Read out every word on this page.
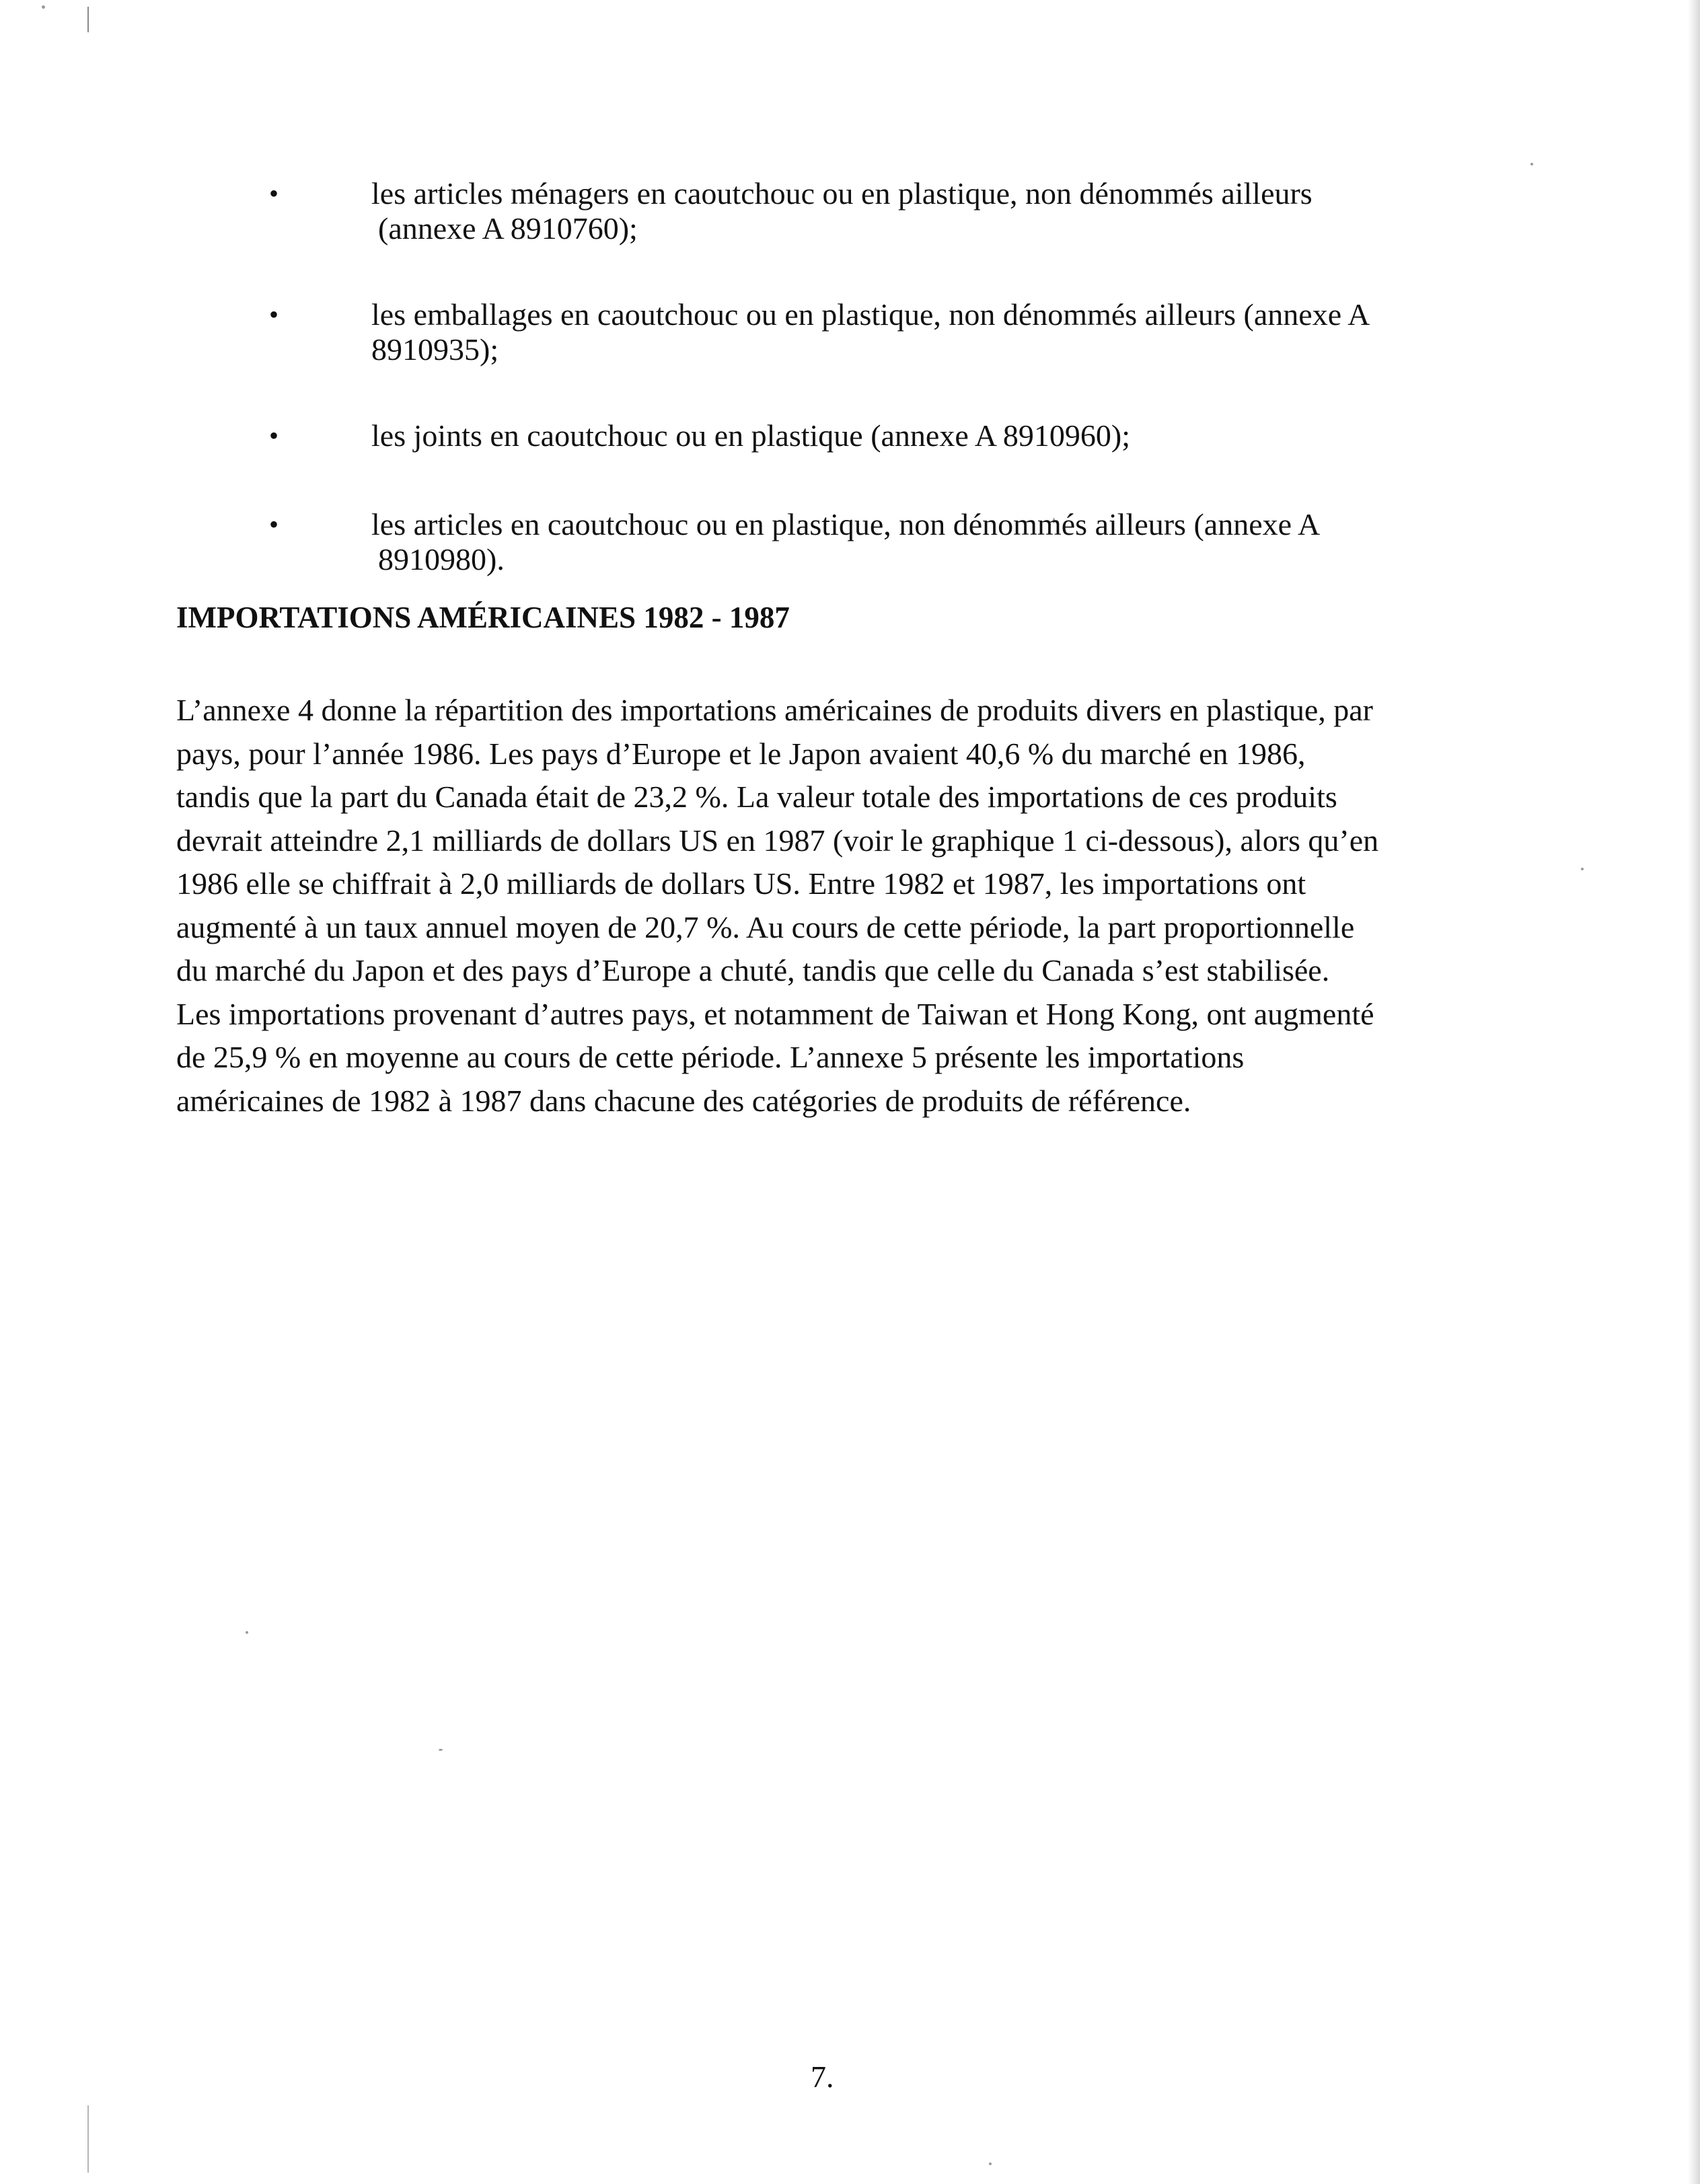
•	les articles ménagers en caoutchouc ou en plastique, non dénommés ailleurs
(annexe A 8910760);
•	les emballages en caoutchouc ou en plastique, non dénommés ailleurs (annexe A
8910935);
•	les joints en caoutchouc ou en plastique (annexe A 8910960);
•	les articles en caoutchouc ou en plastique, non dénommés ailleurs (annexe A
8910980).
IMPORTATIONS AMÉRICAINES 1982 - 1987
L’annexe 4 donne la répartition des importations américaines de produits divers en plastique, par
pays, pour l’année 1986. Les pays d’Europe et le Japon avaient 40,6 % du marché en 1986,
tandis que la part du Canada était de 23,2 %. La valeur totale des importations de ces produits
devrait atteindre 2,1 milliards de dollars US en 1987 (voir le graphique 1 ci-dessous), alors qu’en
1986 elle se chiffrait à 2,0 milliards de dollars US. Entre 1982 et 1987, les importations ont
augmenté à un taux annuel moyen de 20,7 %. Au cours de cette période, la part proportionnelle
du marché du Japon et des pays d’Europe a chuté, tandis que celle du Canada s’est stabilisée.
Les importations provenant d’autres pays, et notamment de Taiwan et Hong Kong, ont augmenté
de 25,9 % en moyenne au cours de cette période. L’annexe 5 présente les importations
américaines de 1982 à 1987 dans chacune des catégories de produits de référence.
7.
